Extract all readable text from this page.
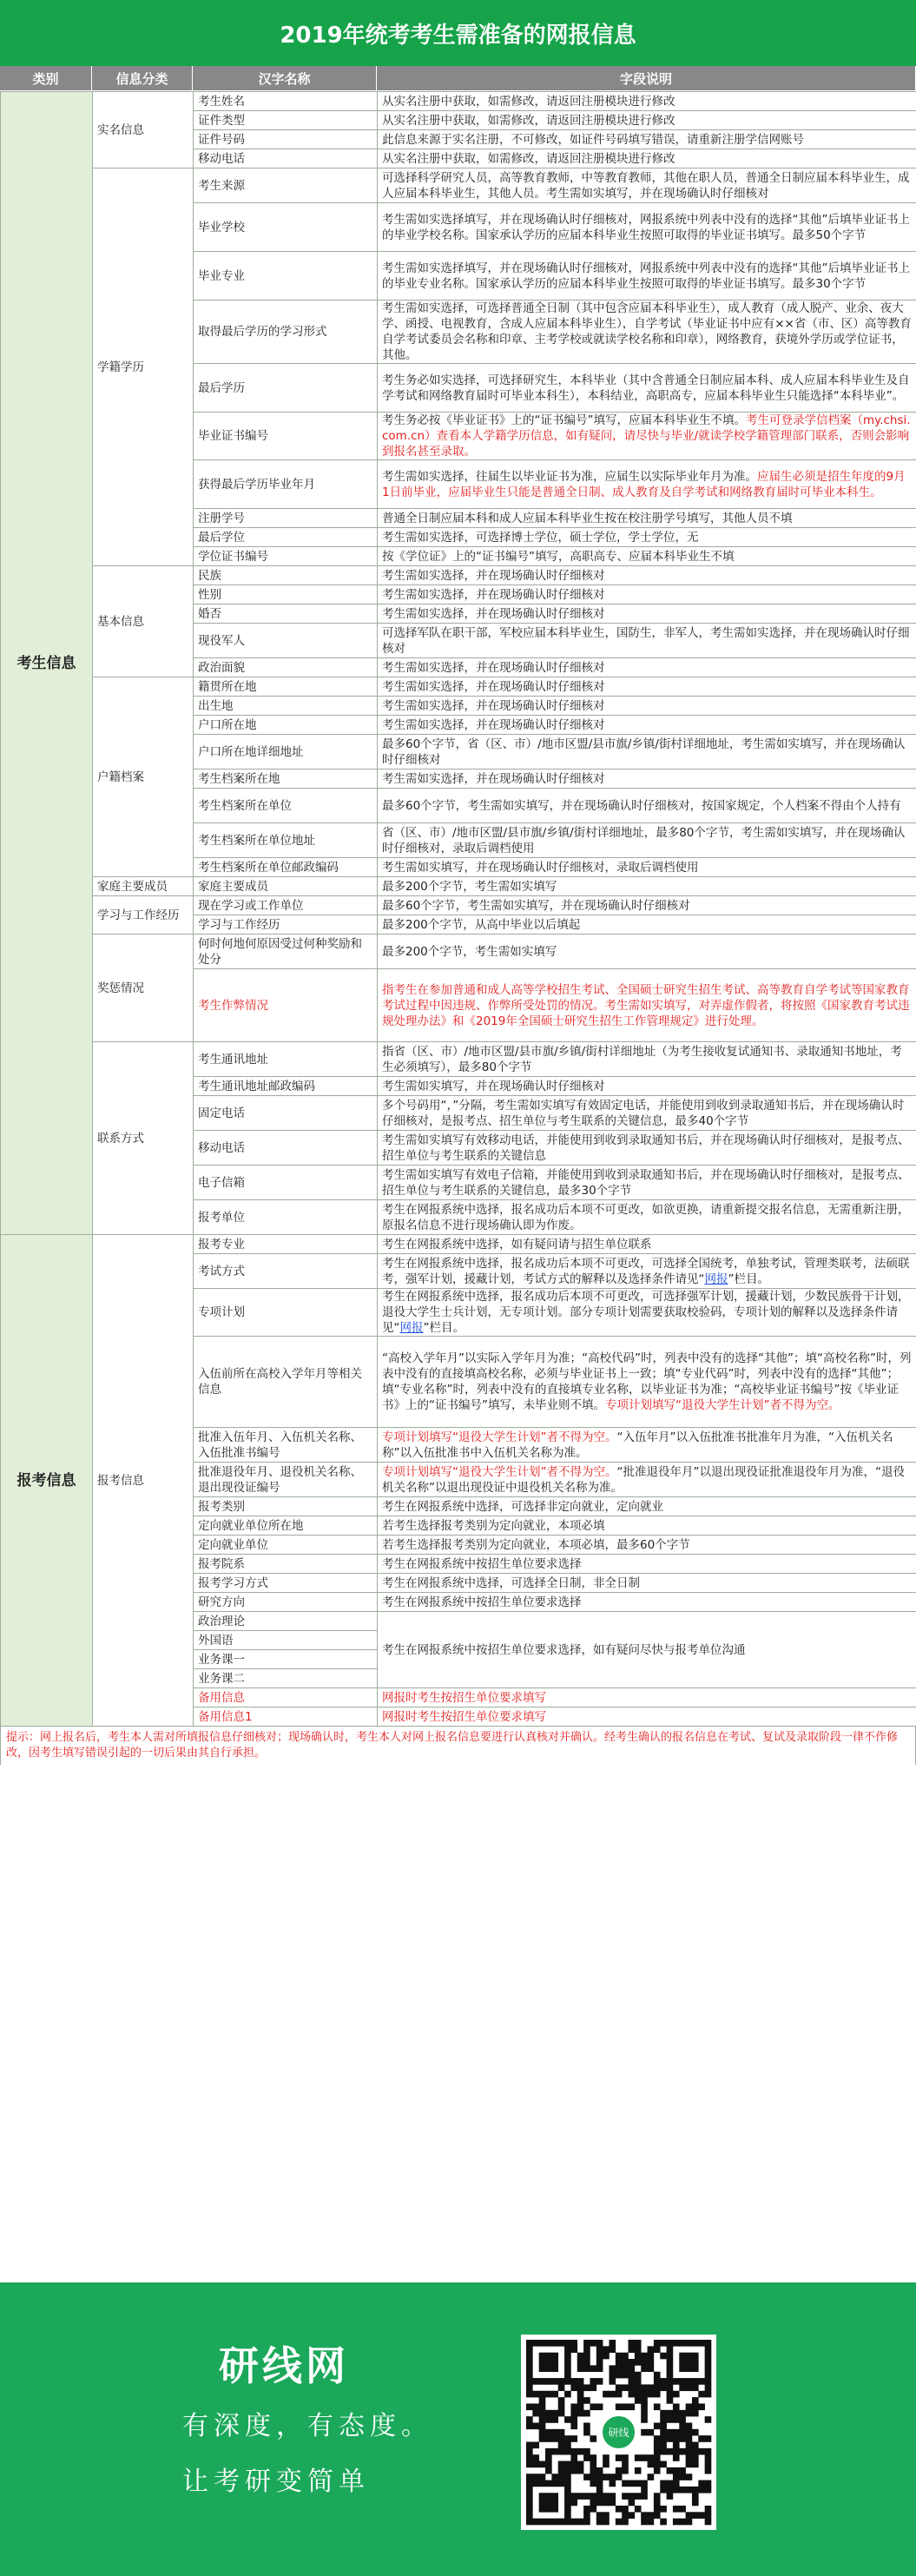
2019年统考考生需准备的网报信息
类别	信息分类	汉字名称	字段说明
考生信息	实名信息	考生姓名	从实名注册中获取，如需修改，请返回注册模块进行修改
		证件类型	从实名注册中获取，如需修改，请返回注册模块进行修改
		证件号码	此信息来源于实名注册，不可修改，如证件号码填写错误，请重新注册学信网账号
		移动电话	从实名注册中获取，如需修改，请返回注册模块进行修改
	学籍学历	考生来源	可选择科学研究人员，高等教育教师，中等教育教师，其他在职人员，普通全日制应届本科毕业生，成人应届本科毕业生，其他人员。考生需如实填写，并在现场确认时仔细核对
		毕业学校	考生需如实选择填写，并在现场确认时仔细核对，网报系统中列表中没有的选择“其他”后填毕业证书上的毕业学校名称。国家承认学历的应届本科毕业生按照可取得的毕业证书填写。最多50个字节
		毕业专业	考生需如实选择填写，并在现场确认时仔细核对，网报系统中列表中没有的选择“其他”后填毕业证书上的毕业专业名称。国家承认学历的应届本科毕业生按照可取得的毕业证书填写。最多30个字节
		取得最后学历的学习形式	考生需如实选择，可选择普通全日制（其中包含应届本科毕业生），成人教育（成人脱产、业余、夜大学、函授、电视教育，含成人应届本科毕业生），自学考试（毕业证书中应有××省（市、区）高等教育自学考试委员会名称和印章、主考学校或就读学校名称和印章），网络教育，获境外学历或学位证书，其他。
		最后学历	考生务必如实选择，可选择研究生，本科毕业（其中含普通全日制应届本科、成人应届本科毕业生及自学考试和网络教育届时可毕业本科生），本科结业，高职高专，应届本科毕业生只能选择“本科毕业”。
		毕业证书编号	考生务必按《毕业证书》上的“证书编号”填写，应届本科毕业生不填。考生可登录学信档案（my.chsi.com.cn）查看本人学籍学历信息，如有疑问，请尽快与毕业/就读学校学籍管理部门联系，否则会影响到报名甚至录取。
		获得最后学历毕业年月	考生需如实选择，往届生以毕业证书为准，应届生以实际毕业年月为准。应届生必须是招生年度的9月1日前毕业，应届毕业生只能是普通全日制、成人教育及自学考试和网络教育届时可毕业本科生。
		注册学号	普通全日制应届本科和成人应届本科毕业生按在校注册学号填写，其他人员不填
		最后学位	考生需如实选择，可选择博士学位，硕士学位，学士学位，无
		学位证书编号	按《学位证》上的“证书编号”填写，高职高专、应届本科毕业生不填
	基本信息	民族	考生需如实选择，并在现场确认时仔细核对
		性别	考生需如实选择，并在现场确认时仔细核对
		婚否	考生需如实选择，并在现场确认时仔细核对
		现役军人	可选择军队在职干部，军校应届本科毕业生，国防生，非军人，考生需如实选择，并在现场确认时仔细核对
		政治面貌	考生需如实选择，并在现场确认时仔细核对
	户籍档案	籍贯所在地	考生需如实选择，并在现场确认时仔细核对
		出生地	考生需如实选择，并在现场确认时仔细核对
		户口所在地	考生需如实选择，并在现场确认时仔细核对
		户口所在地详细地址	最多60个字节，省（区、市）/地市区盟/县市旗/乡镇/街村详细地址，考生需如实填写，并在现场确认时仔细核对
		考生档案所在地	考生需如实选择，并在现场确认时仔细核对
		考生档案所在单位	最多60个字节，考生需如实填写，并在现场确认时仔细核对，按国家规定，个人档案不得由个人持有
		考生档案所在单位地址	省（区、市）/地市区盟/县市旗/乡镇/街村详细地址，最多80个字节，考生需如实填写，并在现场确认时仔细核对，录取后调档使用
		考生档案所在单位邮政编码	考生需如实填写，并在现场确认时仔细核对，录取后调档使用
	家庭主要成员	家庭主要成员	最多200个字节，考生需如实填写
	学习与工作经历	现在学习或工作单位	最多60个字节，考生需如实填写，并在现场确认时仔细核对
		学习与工作经历	最多200个字节，从高中毕业以后填起
	奖惩情况	何时何地何原因受过何种奖励和处分	最多200个字节，考生需如实填写
		考生作弊情况	指考生在参加普通和成人高等学校招生考试、全国硕士研究生招生考试、高等教育自学考试等国家教育考试过程中因违规、作弊所受处罚的情况。考生需如实填写，对弄虚作假者，将按照《国家教育考试违规处理办法》和《2019年全国硕士研究生招生工作管理规定》进行处理。
	联系方式	考生通讯地址	指省（区、市）/地市区盟/县市旗/乡镇/街村详细地址（为考生接收复试通知书、录取通知书地址，考生必须填写），最多80个字节
		考生通讯地址邮政编码	考生需如实填写，并在现场确认时仔细核对
		固定电话	多个号码用“，”分隔，考生需如实填写有效固定电话，并能使用到收到录取通知书后，并在现场确认时仔细核对，是报考点、招生单位与考生联系的关键信息，最多40个字节
		移动电话	考生需如实填写有效移动电话，并能使用到收到录取通知书后，并在现场确认时仔细核对，是报考点、招生单位与考生联系的关键信息
		电子信箱	考生需如实填写有效电子信箱，并能使用到收到录取通知书后，并在现场确认时仔细核对，是报考点、招生单位与考生联系的关键信息，最多30个字节
		报考单位	考生在网报系统中选择，报名成功后本项不可更改，如欲更换，请重新提交报名信息，无需重新注册，原报名信息不进行现场确认即为作废。
报考信息	报考信息	报考专业	考生在网报系统中选择，如有疑问请与招生单位联系
		考试方式	考生在网报系统中选择，报名成功后本项不可更改，可选择全国统考，单独考试，管理类联考，法硕联考，强军计划，援藏计划，考试方式的解释以及选择条件请见“网报”栏目。
		专项计划	考生在网报系统中选择，报名成功后本项不可更改，可选择强军计划，援藏计划，少数民族骨干计划，退役大学生士兵计划，无专项计划。部分专项计划需要获取校验码，专项计划的解释以及选择条件请见“网报”栏目。
		入伍前所在高校入学年月等相关信息	“高校入学年月”以实际入学年月为准；“高校代码”时，列表中没有的选择“其他”；填“高校名称”时，列表中没有的直接填高校名称，必须与毕业证书上一致；填“专业代码”时，列表中没有的选择“其他”；填“专业名称”时，列表中没有的直接填专业名称，以毕业证书为准；“高校毕业证书编号”按《毕业证书》上的“证书编号”填写，未毕业则不填。专项计划填写“退役大学生计划”者不得为空。
		批准入伍年月、入伍机关名称、入伍批准书编号	专项计划填写“退役大学生计划”者不得为空。“入伍年月”以入伍批准书批准年月为准，“入伍机关名称”以入伍批准书中入伍机关名称为准。
		批准退役年月、退役机关名称、退出现役证编号	专项计划填写“退役大学生计划”者不得为空。“批准退役年月”以退出现役证批准退役年月为准，“退役机关名称”以退出现役证中退役机关名称为准。
		报考类别	考生在网报系统中选择，可选择非定向就业，定向就业
		定向就业单位所在地	若考生选择报考类别为定向就业，本项必填
		定向就业单位	若考生选择报考类别为定向就业，本项必填，最多60个字节
		报考院系	考生在网报系统中按招生单位要求选择
		报考学习方式	考生在网报系统中选择，可选择全日制，非全日制
		研究方向	考生在网报系统中按招生单位要求选择
		政治理论	考生在网报系统中按招生单位要求选择，如有疑问尽快与报考单位沟通
		外国语	
		业务课一	
		业务课二	
		备用信息	网报时考生按招生单位要求填写
		备用信息1	网报时考生按招生单位要求填写
提示：网上报名后，考生本人需对所填报信息仔细核对；现场确认时，考生本人对网上报名信息要进行认真核对并确认。经考生确认的报名信息在考试、复试及录取阶段一律不作修改，因考生填写错误引起的一切后果由其自行承担。
研线网
有深度，有态度。
让考研变简单
研线
